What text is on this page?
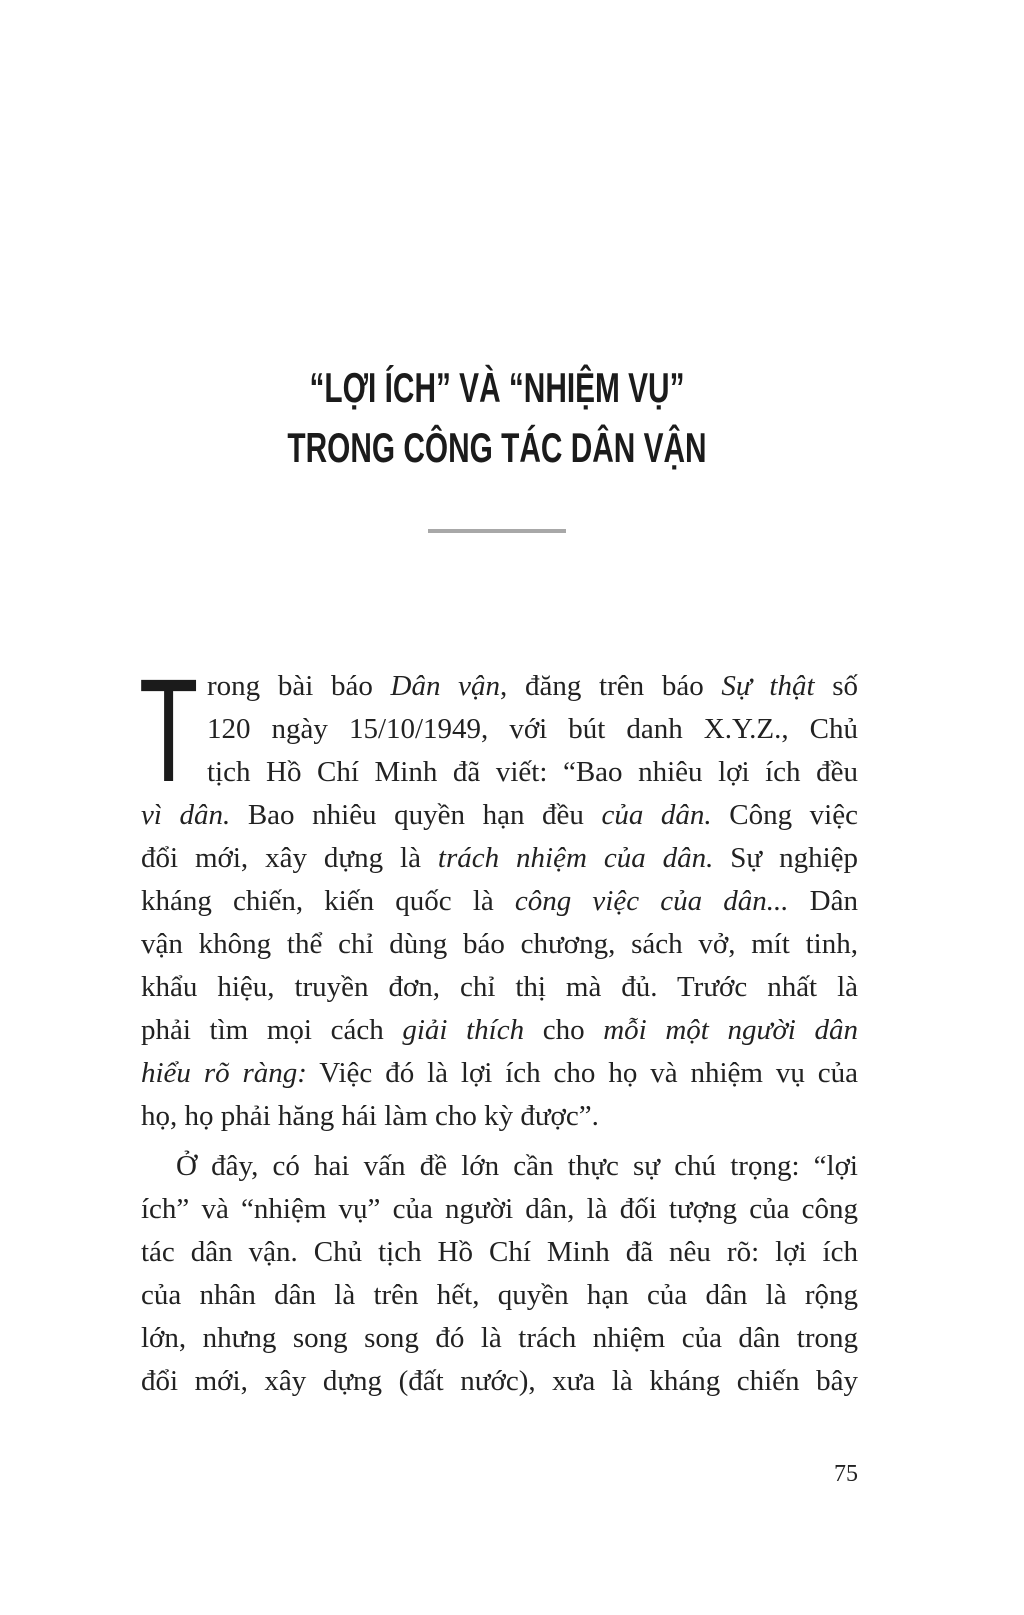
“LỢI ÍCH” VÀ “NHIỆM VỤ”
TRONG CÔNG TÁC DÂN VẬN
T rong bài báo Dân vận, đăng trên báo Sự thật số
120 ngày 15/10/1949, với bút danh X.Y.Z., Chủ
tịch Hồ Chí Minh đã viết: “Bao nhiêu lợi ích đều
vì dân. Bao nhiêu quyền hạn đều của dân. Công việc
đổi mới, xây dựng là trách nhiệm của dân. Sự nghiệp
kháng chiến, kiến quốc là công việc của dân... Dân
vận không thể chỉ dùng báo chương, sách vở, mít tinh,
khẩu hiệu, truyền đơn, chỉ thị mà đủ. Trước nhất là
phải tìm mọi cách giải thích cho mỗi một người dân
hiểu rõ ràng: Việc đó là lợi ích cho họ và nhiệm vụ của
họ, họ phải hăng hái làm cho kỳ được”.
Ở đây, có hai vấn đề lớn cần thực sự chú trọng: “lợi
ích” và “nhiệm vụ” của người dân, là đối tượng của công
tác dân vận. Chủ tịch Hồ Chí Minh đã nêu rõ: lợi ích
của nhân dân là trên hết, quyền hạn của dân là rộng
lớn, nhưng song song đó là trách nhiệm của dân trong
đổi mới, xây dựng (đất nước), xưa là kháng chiến bây
75
